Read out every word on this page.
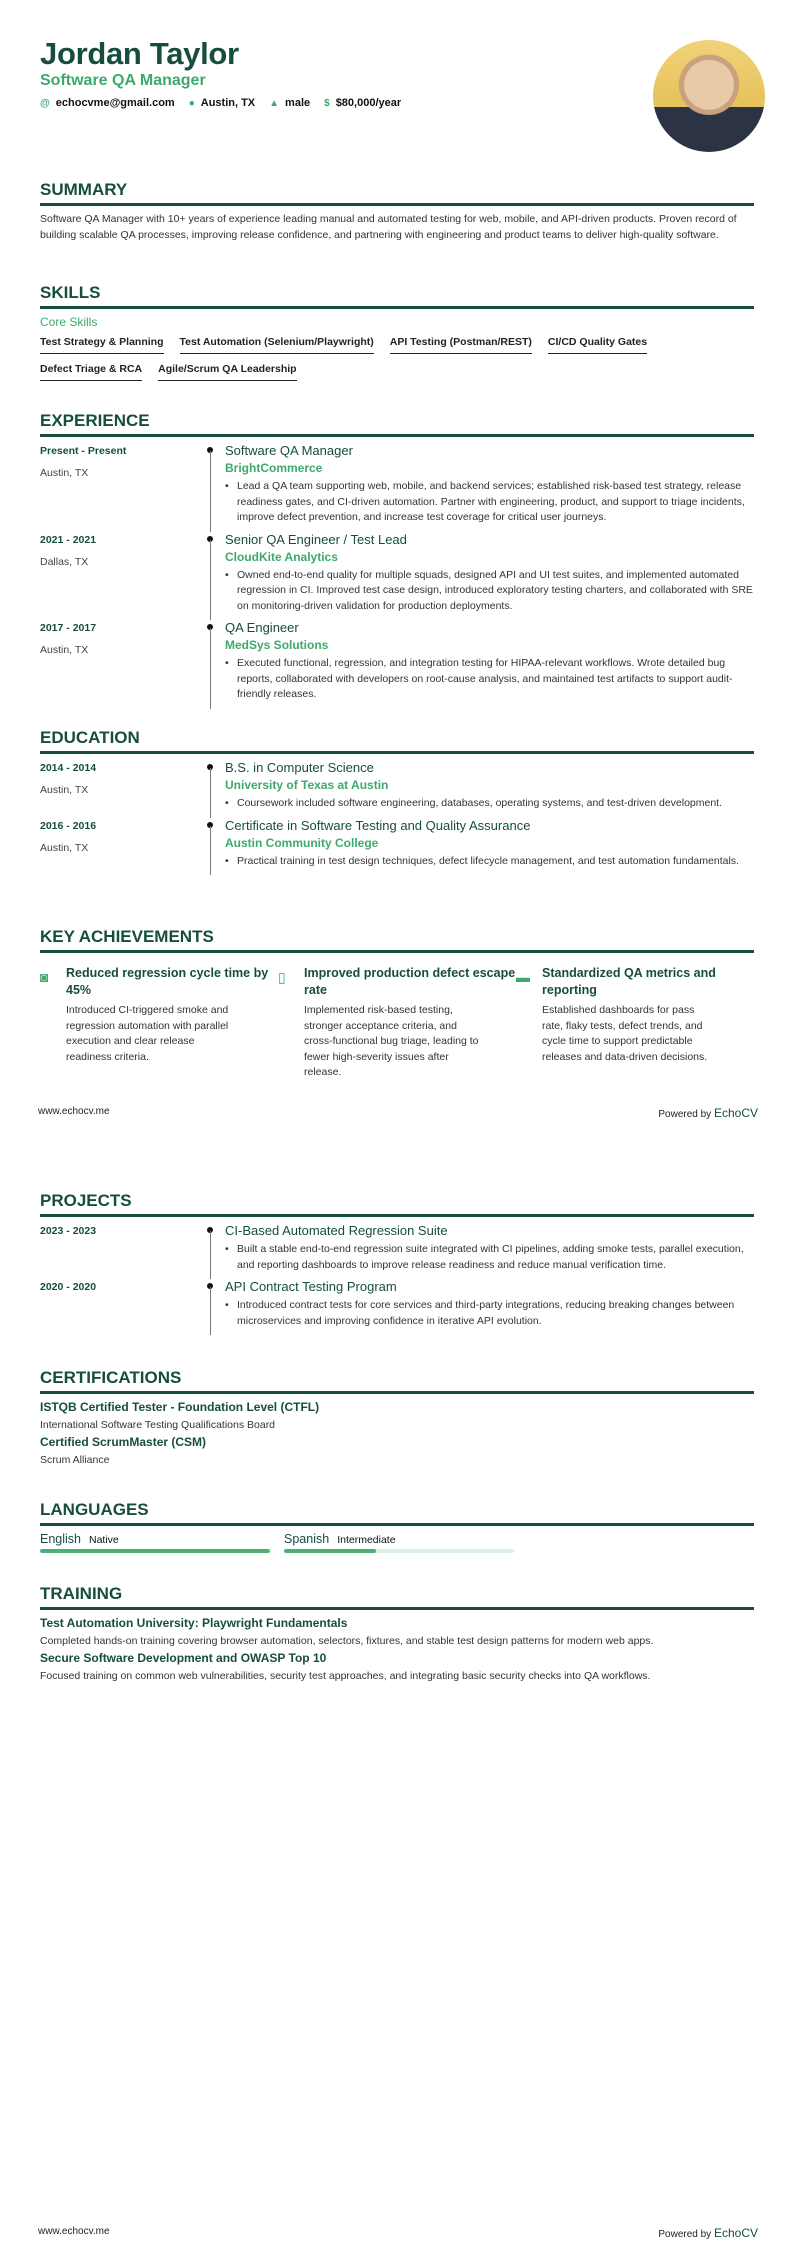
Jordan Taylor
Software QA Manager
@ echocvme@gmail.com ● Austin, TX ▲ male $ $80,000/year
SUMMARY
Software QA Manager with 10+ years of experience leading manual and automated testing for web, mobile, and API-driven products. Proven record of building scalable QA processes, improving release confidence, and partnering with engineering and product teams to deliver high-quality software.
SKILLS
Core Skills
Test Strategy & Planning Test Automation (Selenium/Playwright) API Testing (Postman/REST) CI/CD Quality Gates
Defect Triage & RCA Agile/Scrum QA Leadership
EXPERIENCE
Present - Present
Austin, TX
Software QA Manager
BrightCommerce
• Lead a QA team supporting web, mobile, and backend services; established risk-based test strategy, release readiness gates, and CI-driven automation. Partner with engineering, product, and support to triage incidents, improve defect prevention, and increase test coverage for critical user journeys.
2021 - 2021
Dallas, TX
Senior QA Engineer / Test Lead
CloudKite Analytics
• Owned end-to-end quality for multiple squads, designed API and UI test suites, and implemented automated regression in CI. Improved test case design, introduced exploratory testing charters, and collaborated with SRE on monitoring-driven validation for production deployments.
2017 - 2017
Austin, TX
QA Engineer
MedSys Solutions
• Executed functional, regression, and integration testing for HIPAA-relevant workflows. Wrote detailed bug reports, collaborated with developers on root-cause analysis, and maintained test artifacts to support audit-friendly releases.
EDUCATION
2014 - 2014
Austin, TX
B.S. in Computer Science
University of Texas at Austin
• Coursework included software engineering, databases, operating systems, and test-driven development.
2016 - 2016
Austin, TX
Certificate in Software Testing and Quality Assurance
Austin Community College
• Practical training in test design techniques, defect lifecycle management, and test automation fundamentals.
KEY ACHIEVEMENTS
◙	Reduced regression cycle time by 45%
Introduced CI-triggered smoke and regression automation with parallel execution and clear release readiness criteria.
▯	Improved production defect escape rate
Implemented risk-based testing, stronger acceptance criteria, and cross-functional bug triage, leading to fewer high-severity issues after release.
▬ Standardized QA metrics and reporting
Established dashboards for pass rate, flaky tests, defect trends, and cycle time to support predictable releases and data-driven decisions.
www.echocv.me	Powered by EchoCV
PROJECTS
2023 - 2023	CI-Based Automated Regression Suite
• Built a stable end-to-end regression suite integrated with CI pipelines, adding smoke tests, parallel execution, and reporting dashboards to improve release readiness and reduce manual verification time.
2020 - 2020	API Contract Testing Program
• Introduced contract tests for core services and third-party integrations, reducing breaking changes between microservices and improving confidence in iterative API evolution.
CERTIFICATIONS
ISTQB Certified Tester - Foundation Level (CTFL)
International Software Testing Qualifications Board
Certified ScrumMaster (CSM)
Scrum Alliance
LANGUAGES
English Native	Spanish Intermediate
TRAINING
Test Automation University: Playwright Fundamentals
Completed hands-on training covering browser automation, selectors, fixtures, and stable test design patterns for modern web apps.
Secure Software Development and OWASP Top 10
Focused training on common web vulnerabilities, security test approaches, and integrating basic security checks into QA workflows.
www.echocv.me	Powered by EchoCV
